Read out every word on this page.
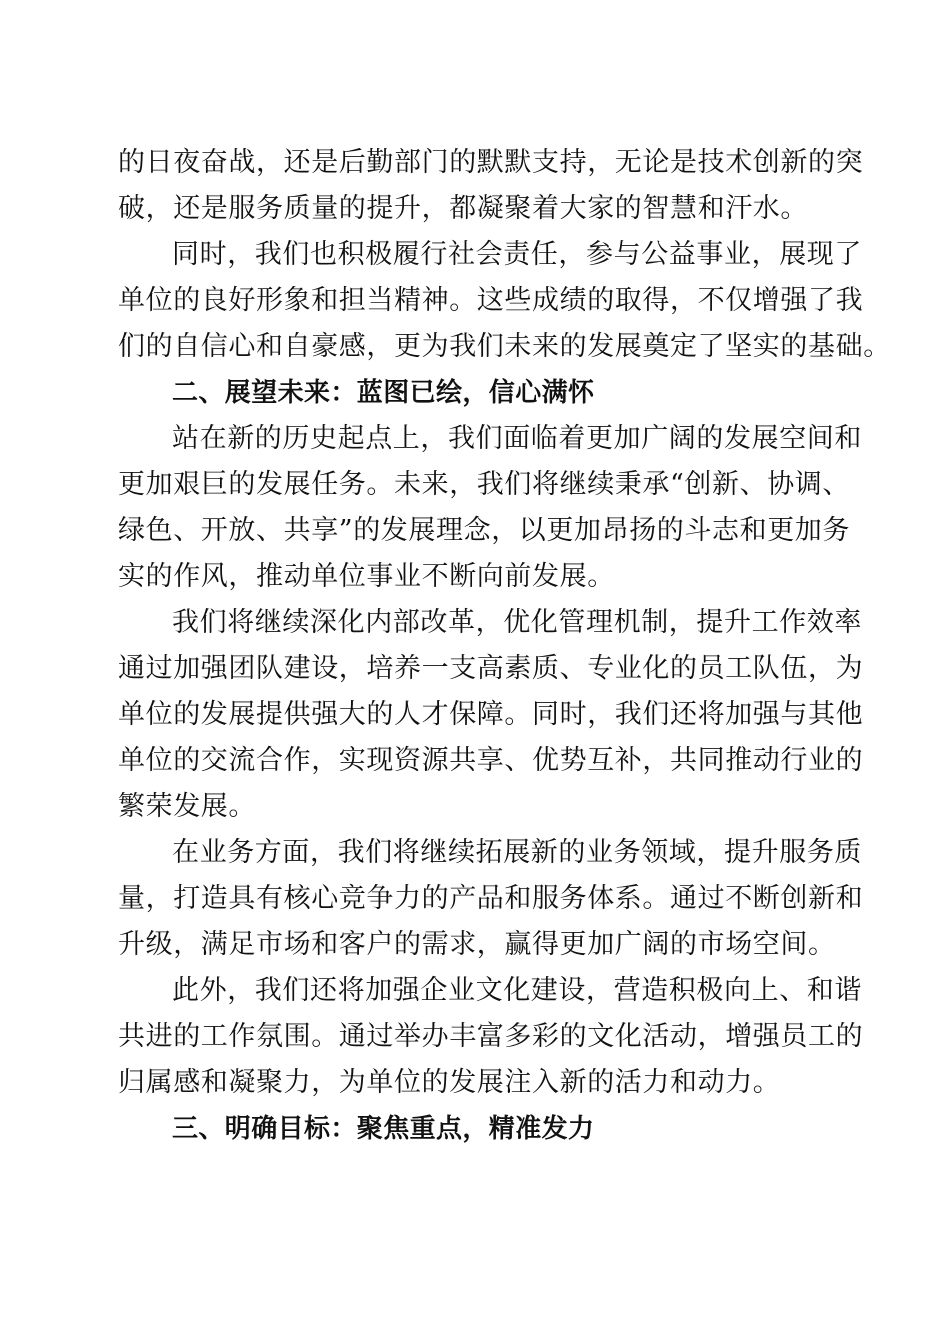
的日夜奋战，还是后勤部门的默默支持，无论是技术创新的突
破，还是服务质量的提升，都凝聚着大家的智慧和汗水。
同时，我们也积极履行社会责任，参与公益事业，展现了
单位的良好形象和担当精神。这些成绩的取得，不仅增强了我
们的自信心和自豪感，更为我们未来的发展奠定了坚实的基础。
二、展望未来：蓝图已绘，信心满怀
站在新的历史起点上，我们面临着更加广阔的发展空间和
更加艰巨的发展任务。未来，我们将继续秉承“创新、协调、
绿色、开放、共享”的发展理念，以更加昂扬的斗志和更加务
实的作风，推动单位事业不断向前发展。
我们将继续深化内部改革，优化管理机制，提升工作效率
通过加强团队建设，培养一支高素质、专业化的员工队伍，为
单位的发展提供强大的人才保障。同时，我们还将加强与其他
单位的交流合作，实现资源共享、优势互补，共同推动行业的
繁荣发展。
在业务方面，我们将继续拓展新的业务领域，提升服务质
量，打造具有核心竞争力的产品和服务体系。通过不断创新和
升级，满足市场和客户的需求，赢得更加广阔的市场空间。
此外，我们还将加强企业文化建设，营造积极向上、和谐
共进的工作氛围。通过举办丰富多彩的文化活动，增强员工的
归属感和凝聚力，为单位的发展注入新的活力和动力。
三、明确目标：聚焦重点，精准发力
